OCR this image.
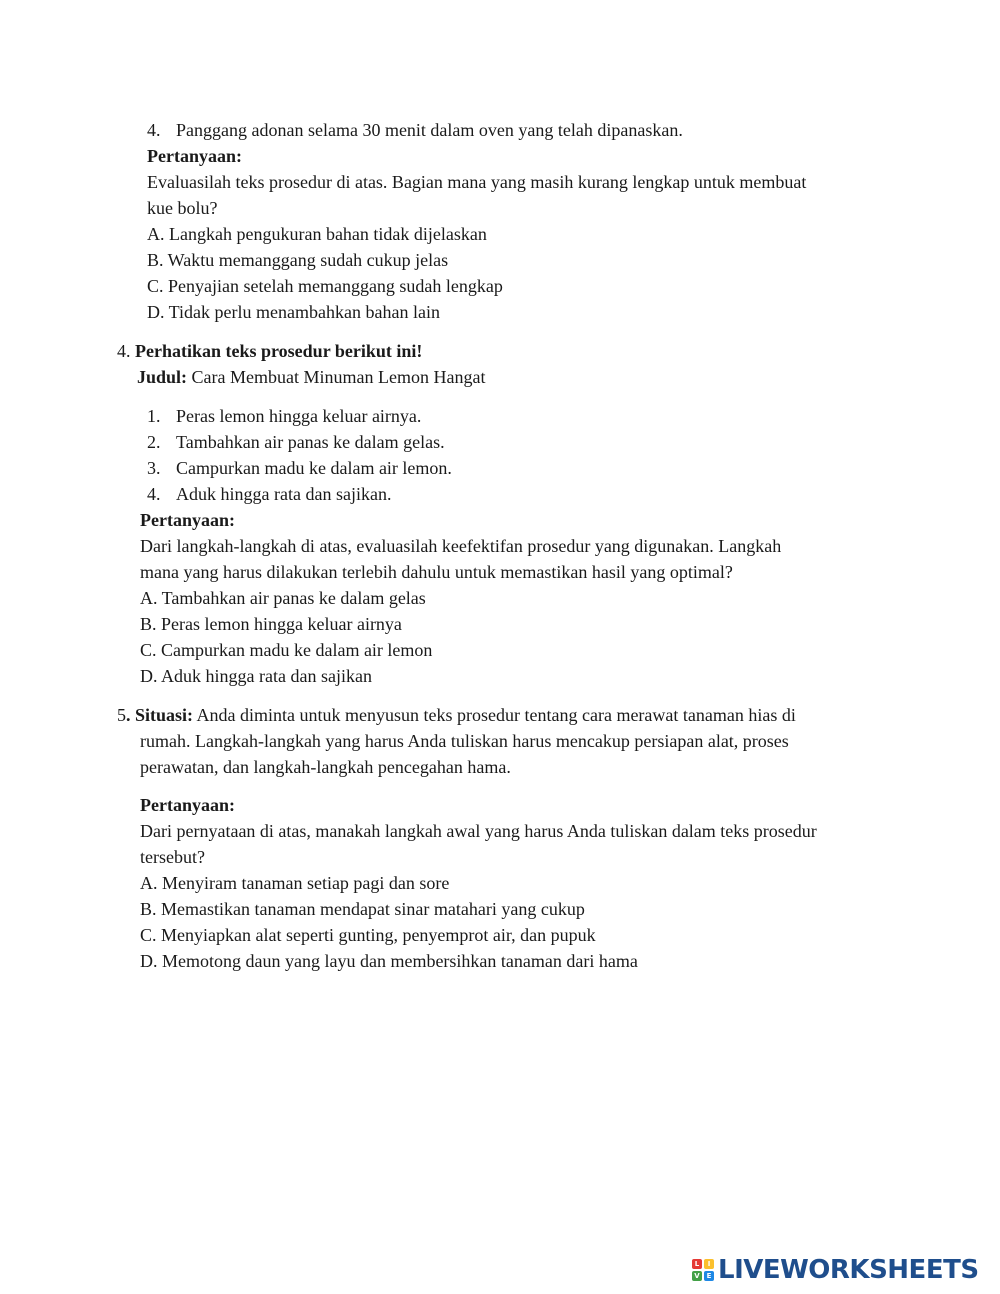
4. Panggang adonan selama 30 menit dalam oven yang telah dipanaskan.
Pertanyaan:
Evaluasilah teks prosedur di atas. Bagian mana yang masih kurang lengkap untuk membuat
kue bolu?
A. Langkah pengukuran bahan tidak dijelaskan
B. Waktu memanggang sudah cukup jelas
C. Penyajian setelah memanggang sudah lengkap
D. Tidak perlu menambahkan bahan lain
4. Perhatikan teks prosedur berikut ini!
Judul: Cara Membuat Minuman Lemon Hangat
1. Peras lemon hingga keluar airnya.
2. Tambahkan air panas ke dalam gelas.
3. Campurkan madu ke dalam air lemon.
4. Aduk hingga rata dan sajikan.
Pertanyaan:
Dari langkah-langkah di atas, evaluasilah keefektifan prosedur yang digunakan. Langkah
mana yang harus dilakukan terlebih dahulu untuk memastikan hasil yang optimal?
A. Tambahkan air panas ke dalam gelas
B. Peras lemon hingga keluar airnya
C. Campurkan madu ke dalam air lemon
D. Aduk hingga rata dan sajikan
5. Situasi: Anda diminta untuk menyusun teks prosedur tentang cara merawat tanaman hias di
rumah. Langkah-langkah yang harus Anda tuliskan harus mencakup persiapan alat, proses
perawatan, dan langkah-langkah pencegahan hama.
Pertanyaan:
Dari pernyataan di atas, manakah langkah awal yang harus Anda tuliskan dalam teks prosedur
tersebut?
A. Menyiram tanaman setiap pagi dan sore
B. Memastikan tanaman mendapat sinar matahari yang cukup
C. Menyiapkan alat seperti gunting, penyemprot air, dan pupuk
D. Memotong daun yang layu dan membersihkan tanaman dari hama
L	I
V E LIVEWORKSHEETS
